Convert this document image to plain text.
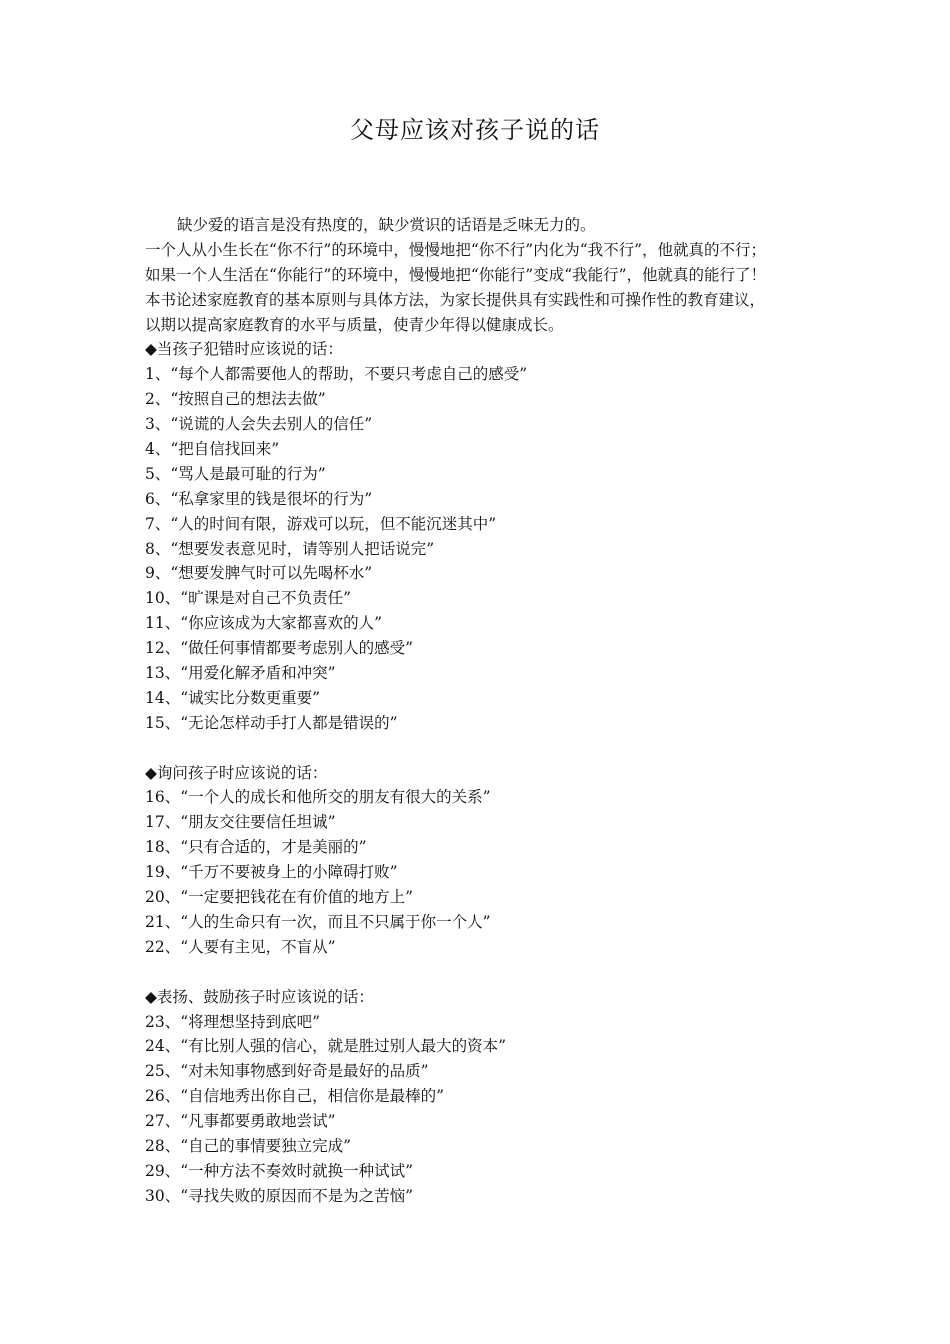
父母应该对孩子说的话
缺少爱的语言是没有热度的，缺少赏识的话语是乏味无力的。
一个人从小生长在“你不行”的环境中，慢慢地把“你不行”内化为“我不行”，他就真的不行；
如果一个人生活在“你能行”的环境中，慢慢地把“你能行”变成“我能行”，他就真的能行了！
本书论述家庭教育的基本原则与具体方法，为家长提供具有实践性和可操作性的教育建议，
以期以提高家庭教育的水平与质量，使青少年得以健康成长。
◆当孩子犯错时应该说的话：
1、“每个人都需要他人的帮助，不要只考虑自己的感受”
2、“按照自己的想法去做”
3、“说谎的人会失去别人的信任”
4、“把自信找回来”
5、“骂人是最可耻的行为”
6、“私拿家里的钱是很坏的行为”
7、“人的时间有限，游戏可以玩，但不能沉迷其中”
8、“想要发表意见时，请等别人把话说完”
9、“想要发脾气时可以先喝杯水”
10、“旷课是对自己不负责任”
11、“你应该成为大家都喜欢的人”
12、“做任何事情都要考虑别人的感受”
13、“用爱化解矛盾和冲突”
14、“诚实比分数更重要”
15、“无论怎样动手打人都是错误的”
◆询问孩子时应该说的话：
16、“一个人的成长和他所交的朋友有很大的关系”
17、“朋友交往要信任坦诚”
18、“只有合适的，才是美丽的”
19、“千万不要被身上的小障碍打败”
20、“一定要把钱花在有价值的地方上”
21、“人的生命只有一次，而且不只属于你一个人”
22、“人要有主见，不盲从”
◆表扬、鼓励孩子时应该说的话：
23、“将理想坚持到底吧”
24、“有比别人强的信心，就是胜过别人最大的资本”
25、“对未知事物感到好奇是最好的品质”
26、“自信地秀出你自己，相信你是最棒的”
27、“凡事都要勇敢地尝试”
28、“自己的事情要独立完成”
29、“一种方法不奏效时就换一种试试”
30、“寻找失败的原因而不是为之苦恼”
